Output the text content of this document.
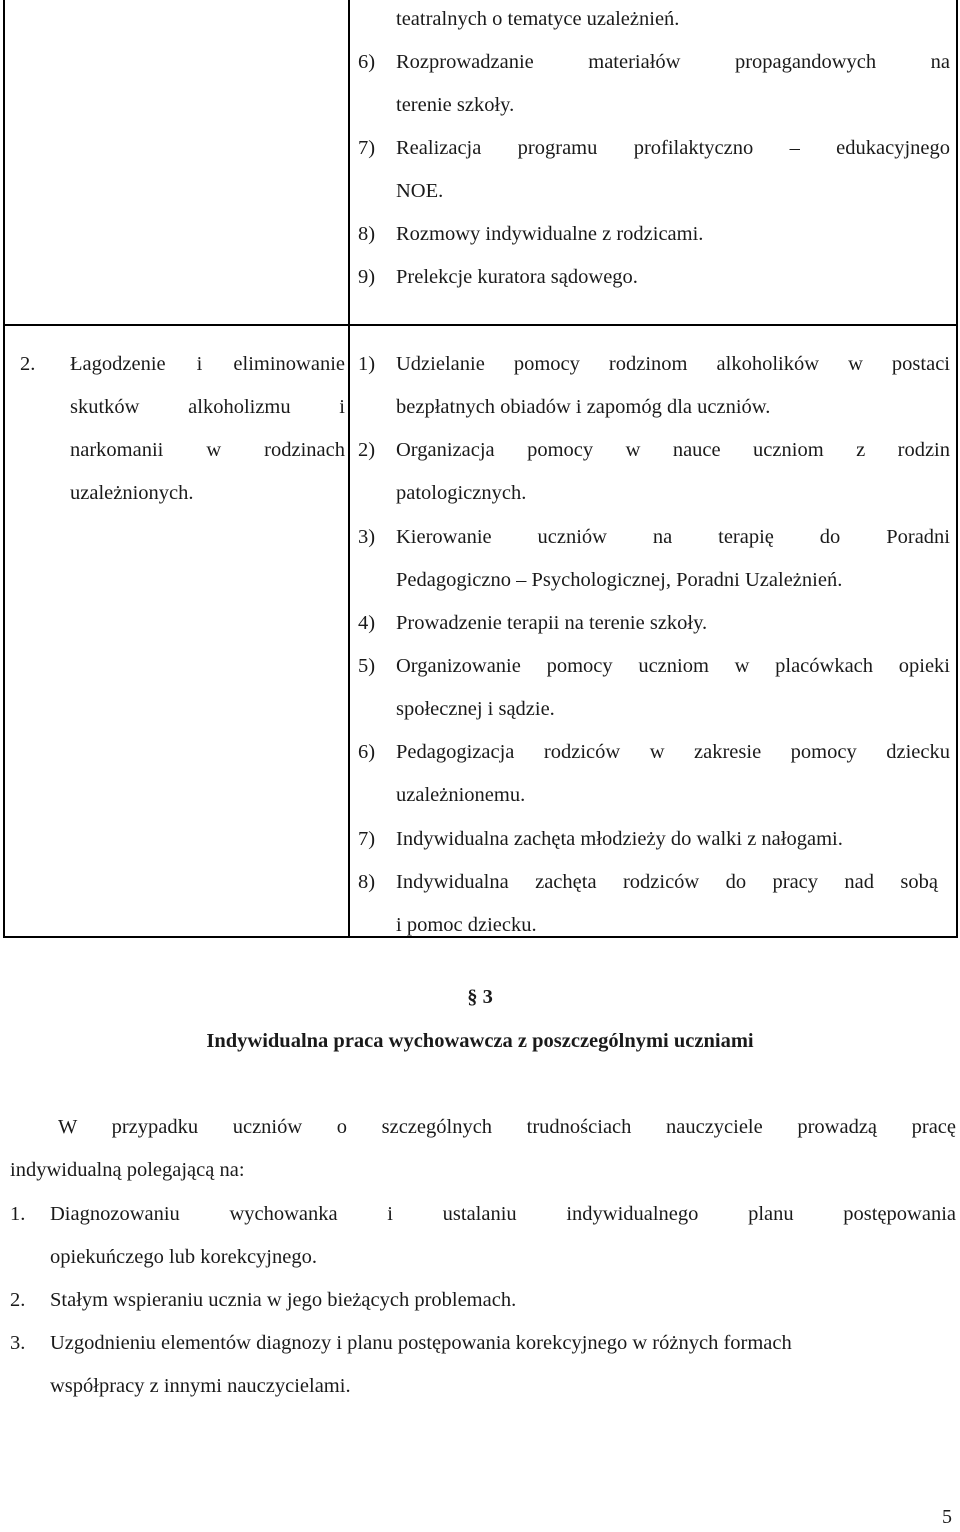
teatralnych o tematyce uzależnień.
6) Rozprowadzanie materiałów propagandowych na
terenie szkoły.
7) Realizacja programu profilaktyczno – edukacyjnego
NOE.
8) Rozmowy indywidualne z rodzicami.
9) Prelekcje kuratora sądowego.
2. Łagodzenie i eliminowanie
skutków alkoholizmu i
narkomanii w rodzinach
uzależnionych.
1) Udzielanie pomocy rodzinom alkoholików w postaci
bezpłatnych obiadów i zapomóg dla uczniów.
2) Organizacja pomocy w nauce uczniom z rodzin
patologicznych.
3) Kierowanie uczniów na terapię do Poradni
Pedagogiczno – Psychologicznej, Poradni Uzależnień.
4) Prowadzenie terapii na terenie szkoły.
5) Organizowanie pomocy uczniom w placówkach opieki
społecznej i sądzie.
6) Pedagogizacja rodziców w zakresie pomocy dziecku
uzależnionemu.
7) Indywidualna zachęta młodzieży do walki z nałogami.
8) Indywidualna zachęta rodziców do pracy nad sobą
i pomoc dziecku.
§ 3
Indywidualna praca wychowawcza z poszczególnymi uczniami
W przypadku uczniów o szczególnych trudnościach nauczyciele prowadzą pracę
indywidualną polegającą na:
1. Diagnozowaniu wychowanka i ustalaniu indywidualnego planu postępowania
opiekuńczego lub korekcyjnego.
2. Stałym wspieraniu ucznia w jego bieżących problemach.
3. Uzgodnieniu elementów diagnozy i planu postępowania korekcyjnego w różnych formach
współpracy z innymi nauczycielami.
5
